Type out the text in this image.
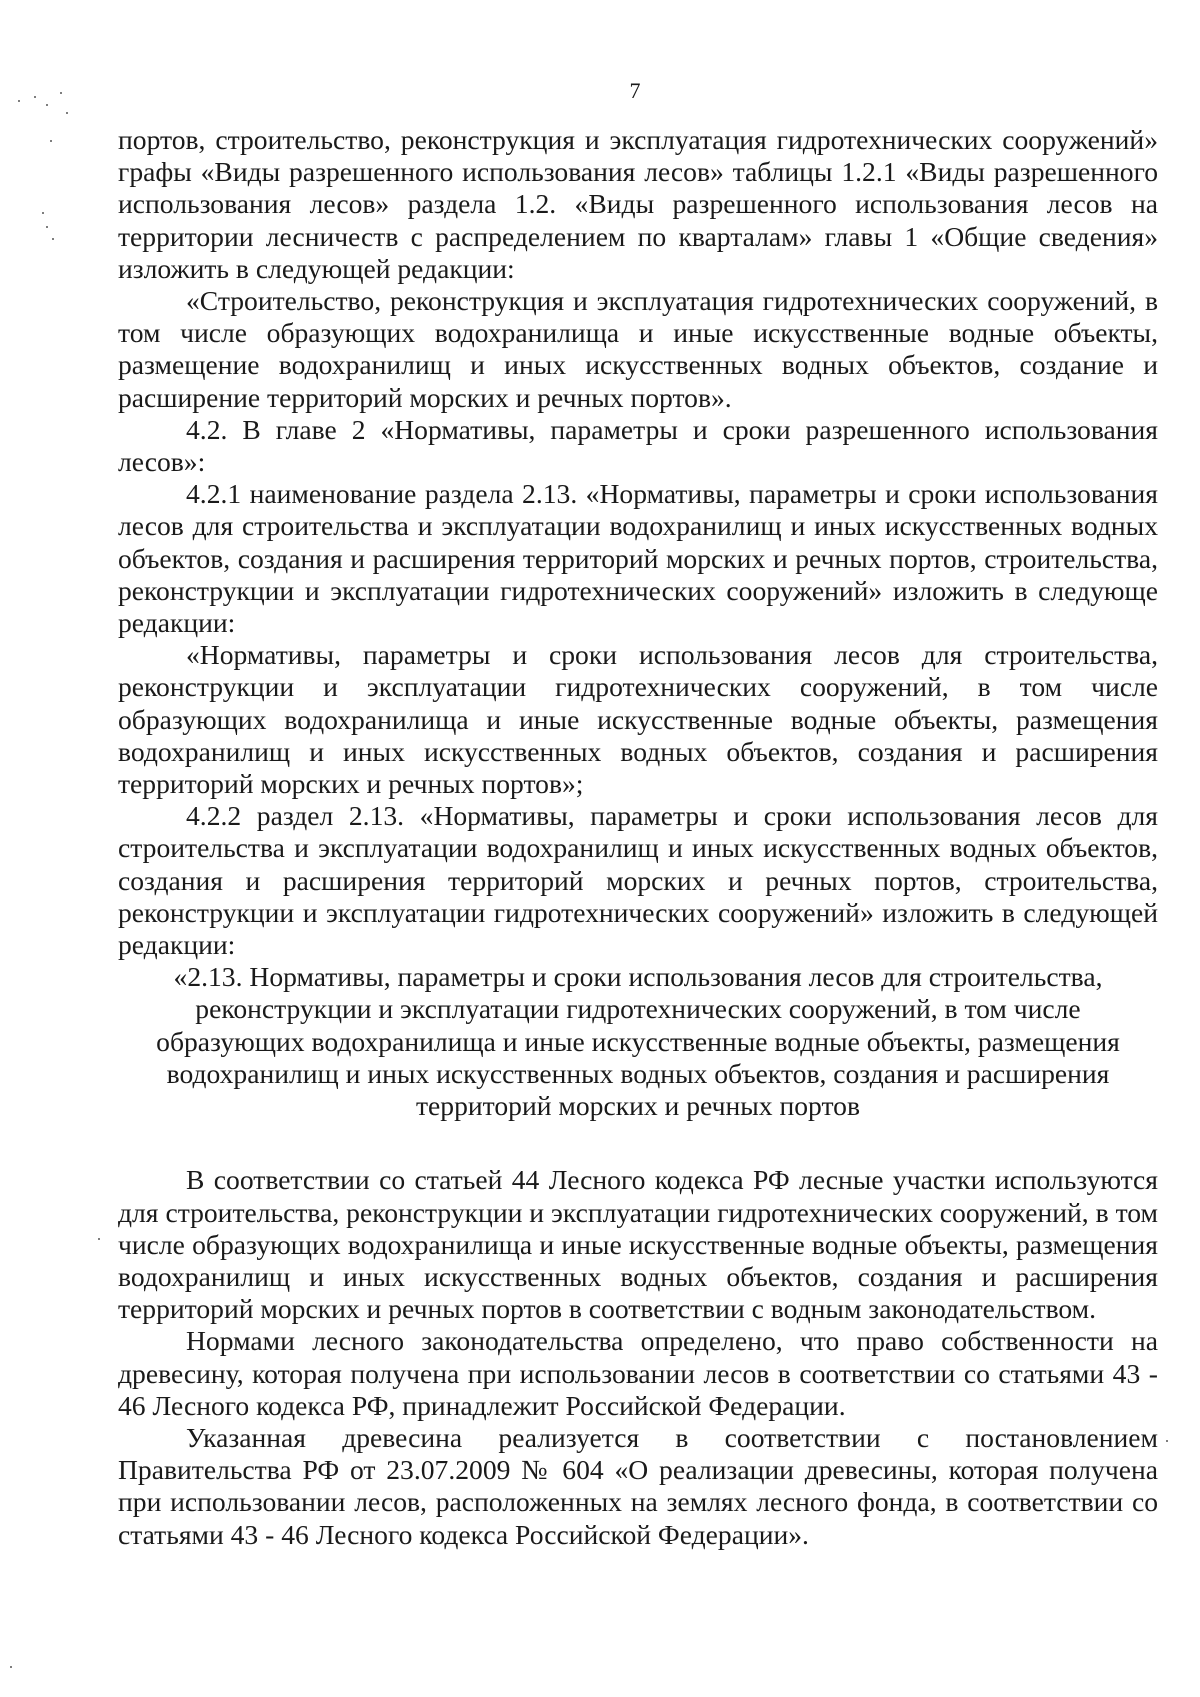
7

портов, строительство, реконструкция и эксплуатация гидротехнических сооружений» графы «Виды разрешенного использования лесов» таблицы 1.2.1 «Виды разрешенного использования лесов» раздела 1.2. «Виды разрешенного использования лесов на территории лесничеств с распределением по кварталам» главы 1 «Общие сведения» изложить в следующей редакции:

«Строительство, реконструкция и эксплуатация гидротехнических сооружений, в том числе образующих водохранилища и иные искусственные водные объекты, размещение водохранилищ и иных искусственных водных объектов, создание и расширение территорий морских и речных портов».

4.2. В главе 2 «Нормативы, параметры и сроки разрешенного использования лесов»:

4.2.1 наименование раздела 2.13. «Нормативы, параметры и сроки использования лесов для строительства и эксплуатации водохранилищ и иных искусственных водных объектов, создания и расширения территорий морских и речных портов, строительства, реконструкции и эксплуатации гидротехнических сооружений» изложить в следующе редакции:

«Нормативы, параметры и сроки использования лесов для строительства, реконструкции и эксплуатации гидротехнических сооружений, в том числе образующих водохранилища и иные искусственные водные объекты, размещения водохранилищ и иных искусственных водных объектов, создания и расширения территорий морских и речных портов»;

4.2.2 раздел 2.13. «Нормативы, параметры и сроки использования лесов для строительства и эксплуатации водохранилищ и иных искусственных водных объектов, создания и расширения территорий морских и речных портов, строительства, реконструкции и эксплуатации гидротехнических сооружений» изложить в следующей редакции:

«2.13. Нормативы, параметры и сроки использования лесов для строительства,
реконструкции и эксплуатации гидротехнических сооружений, в том числе
образующих водохранилища и иные искусственные водные объекты, размещения
водохранилищ и иных искусственных водных объектов, создания и расширения
территорий морских и речных портов

В соответствии со статьей 44 Лесного кодекса РФ лесные участки используются для строительства, реконструкции и эксплуатации гидротехнических сооружений, в том числе образующих водохранилища и иные искусственные водные объекты, размещения водохранилищ и иных искусственных водных объектов, создания и расширения территорий морских и речных портов в соответствии с водным законодательством.

Нормами лесного законодательства определено, что право собственности на древесину, которая получена при использовании лесов в соответствии со статьями 43 - 46 Лесного кодекса РФ, принадлежит Российской Федерации.

Указанная древесина реализуется в соответствии с постановлением Правительства РФ от 23.07.2009 № 604 «О реализации древесины, которая получена при использовании лесов, расположенных на землях лесного фонда, в соответствии со статьями 43 - 46 Лесного кодекса Российской Федерации».
